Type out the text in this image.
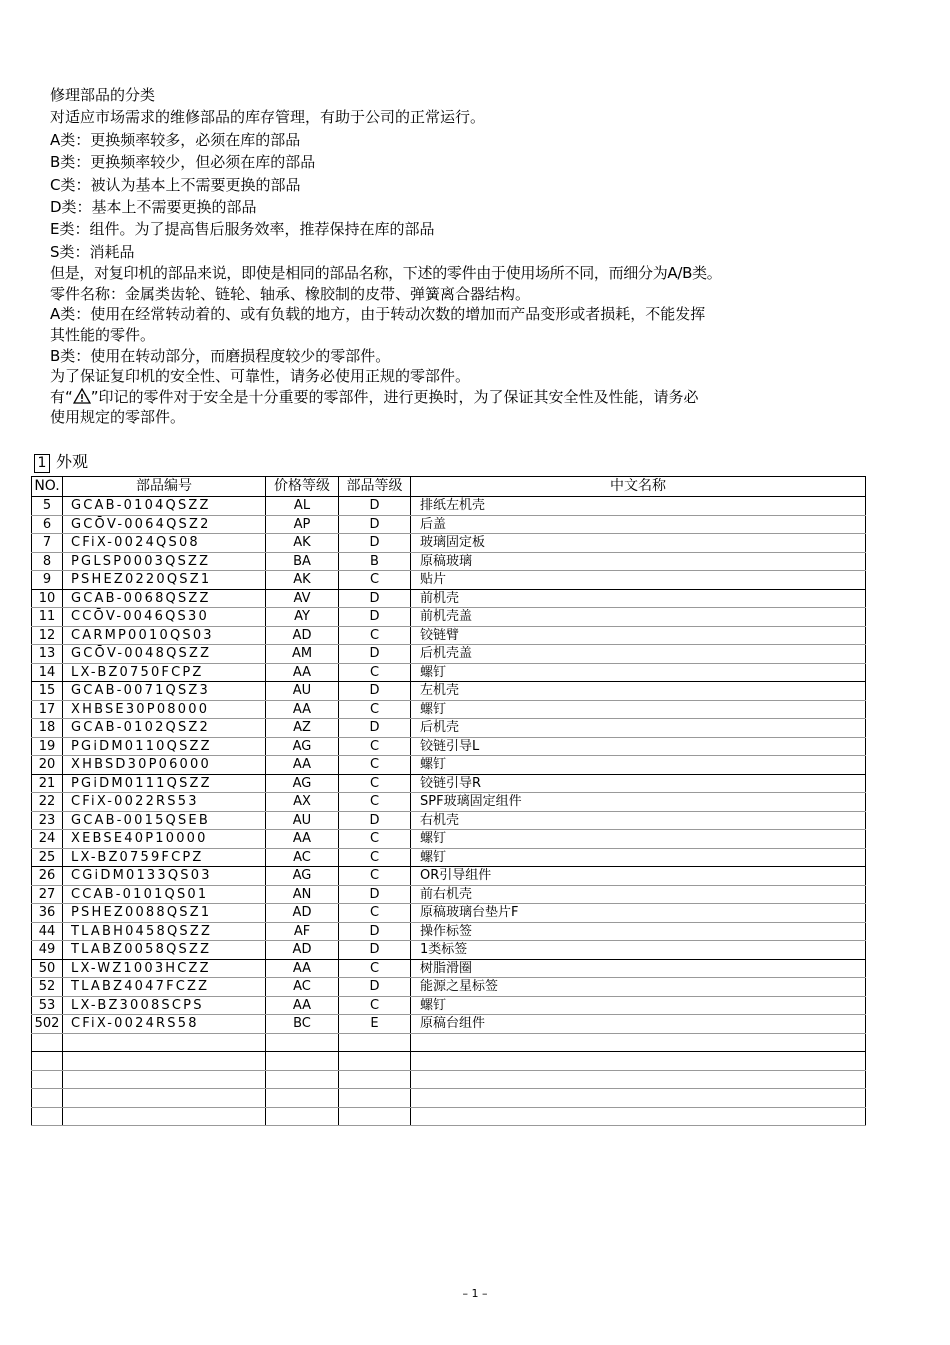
修理部品的分类

对适应市场需求的维修部品的库存管理，有助于公司的正常运行。

A类：更换频率较多，必须在库的部品

B类：更换频率较少，但必须在库的部品

C类：被认为基本上不需要更换的部品

D类：基本上不需要更换的部品

E类：组件。为了提高售后服务效率，推荐保持在库的部品

S类：消耗品

但是，对复印机的部品来说，即使是相同的部品名称，下述的零件由于使用场所不同，而细分为A/B类。

零件名称：金属类齿轮、链轮、轴承、橡胶制的皮带、弹簧离合器结构。

A类：使用在经常转动着的、或有负载的地方，由于转动次数的增加而产品变形或者损耗，不能发挥

其性能的零件。

B类：使用在转动部分，而磨损程度较少的零部件。

为了保证复印机的安全性、可靠性，请务必使用正规的零部件。

有“ ”印记的零件对于安全是十分重要的零部件，进行更换时，为了保证其安全性及性能，请务必

使用规定的零部件。

1 外观
NO.	部品编号	价格等级	部品等级	中文名称
5	GCAB-0104QSZZ	AL	D	排纸左机壳
6	GCŌV-0064QSZ2	AP	D	后盖
7	CFiX-0024QS08	AK	D	玻璃固定板
8	PGLSP0003QSZZ	BA	B	原稿玻璃
9	PSHEZ0220QSZ1	AK	C	贴片
10	GCAB-0068QSZZ	AV	D	前机壳
11	CCŌV-0046QS30	AY	D	前机壳盖
12	CARMP0010QS03	AD	C	铰链臂
13	GCŌV-0048QSZZ	AM	D	后机壳盖
14	LX-BZ0750FCPZ	AA	C	螺钉
15	GCAB-0071QSZ3	AU	D	左机壳
17	XHBSE30P08000	AA	C	螺钉
18	GCAB-0102QSZ2	AZ	D	后机壳
19	PGiDM0110QSZZ	AG	C	铰链引导L
20	XHBSD30P06000	AA	C	螺钉
21	PGiDM0111QSZZ	AG	C	铰链引导R
22	CFiX-0022RS53	AX	C	SPF玻璃固定组件
23	GCAB-0015QSEB	AU	D	右机壳
24	XEBSE40P10000	AA	C	螺钉
25	LX-BZ0759FCPZ	AC	C	螺钉
26	CGiDM0133QS03	AG	C	OR引导组件
27	CCAB-0101QS01	AN	D	前右机壳
36	PSHEZ0088QSZ1	AD	C	原稿玻璃台垫片F
44	TLABH0458QSZZ	AF	D	操作标签
49	TLABZ0058QSZZ	AD	D	1类标签
50	LX-WZ1003HCZZ	AA	C	树脂滑圈
52	TLABZ4047FCZZ	AC	D	能源之星标签
53	LX-BZ3008SCPS	AA	C	螺钉
502	CFiX-0024RS58	BC	E	原稿台组件

– 1 –
